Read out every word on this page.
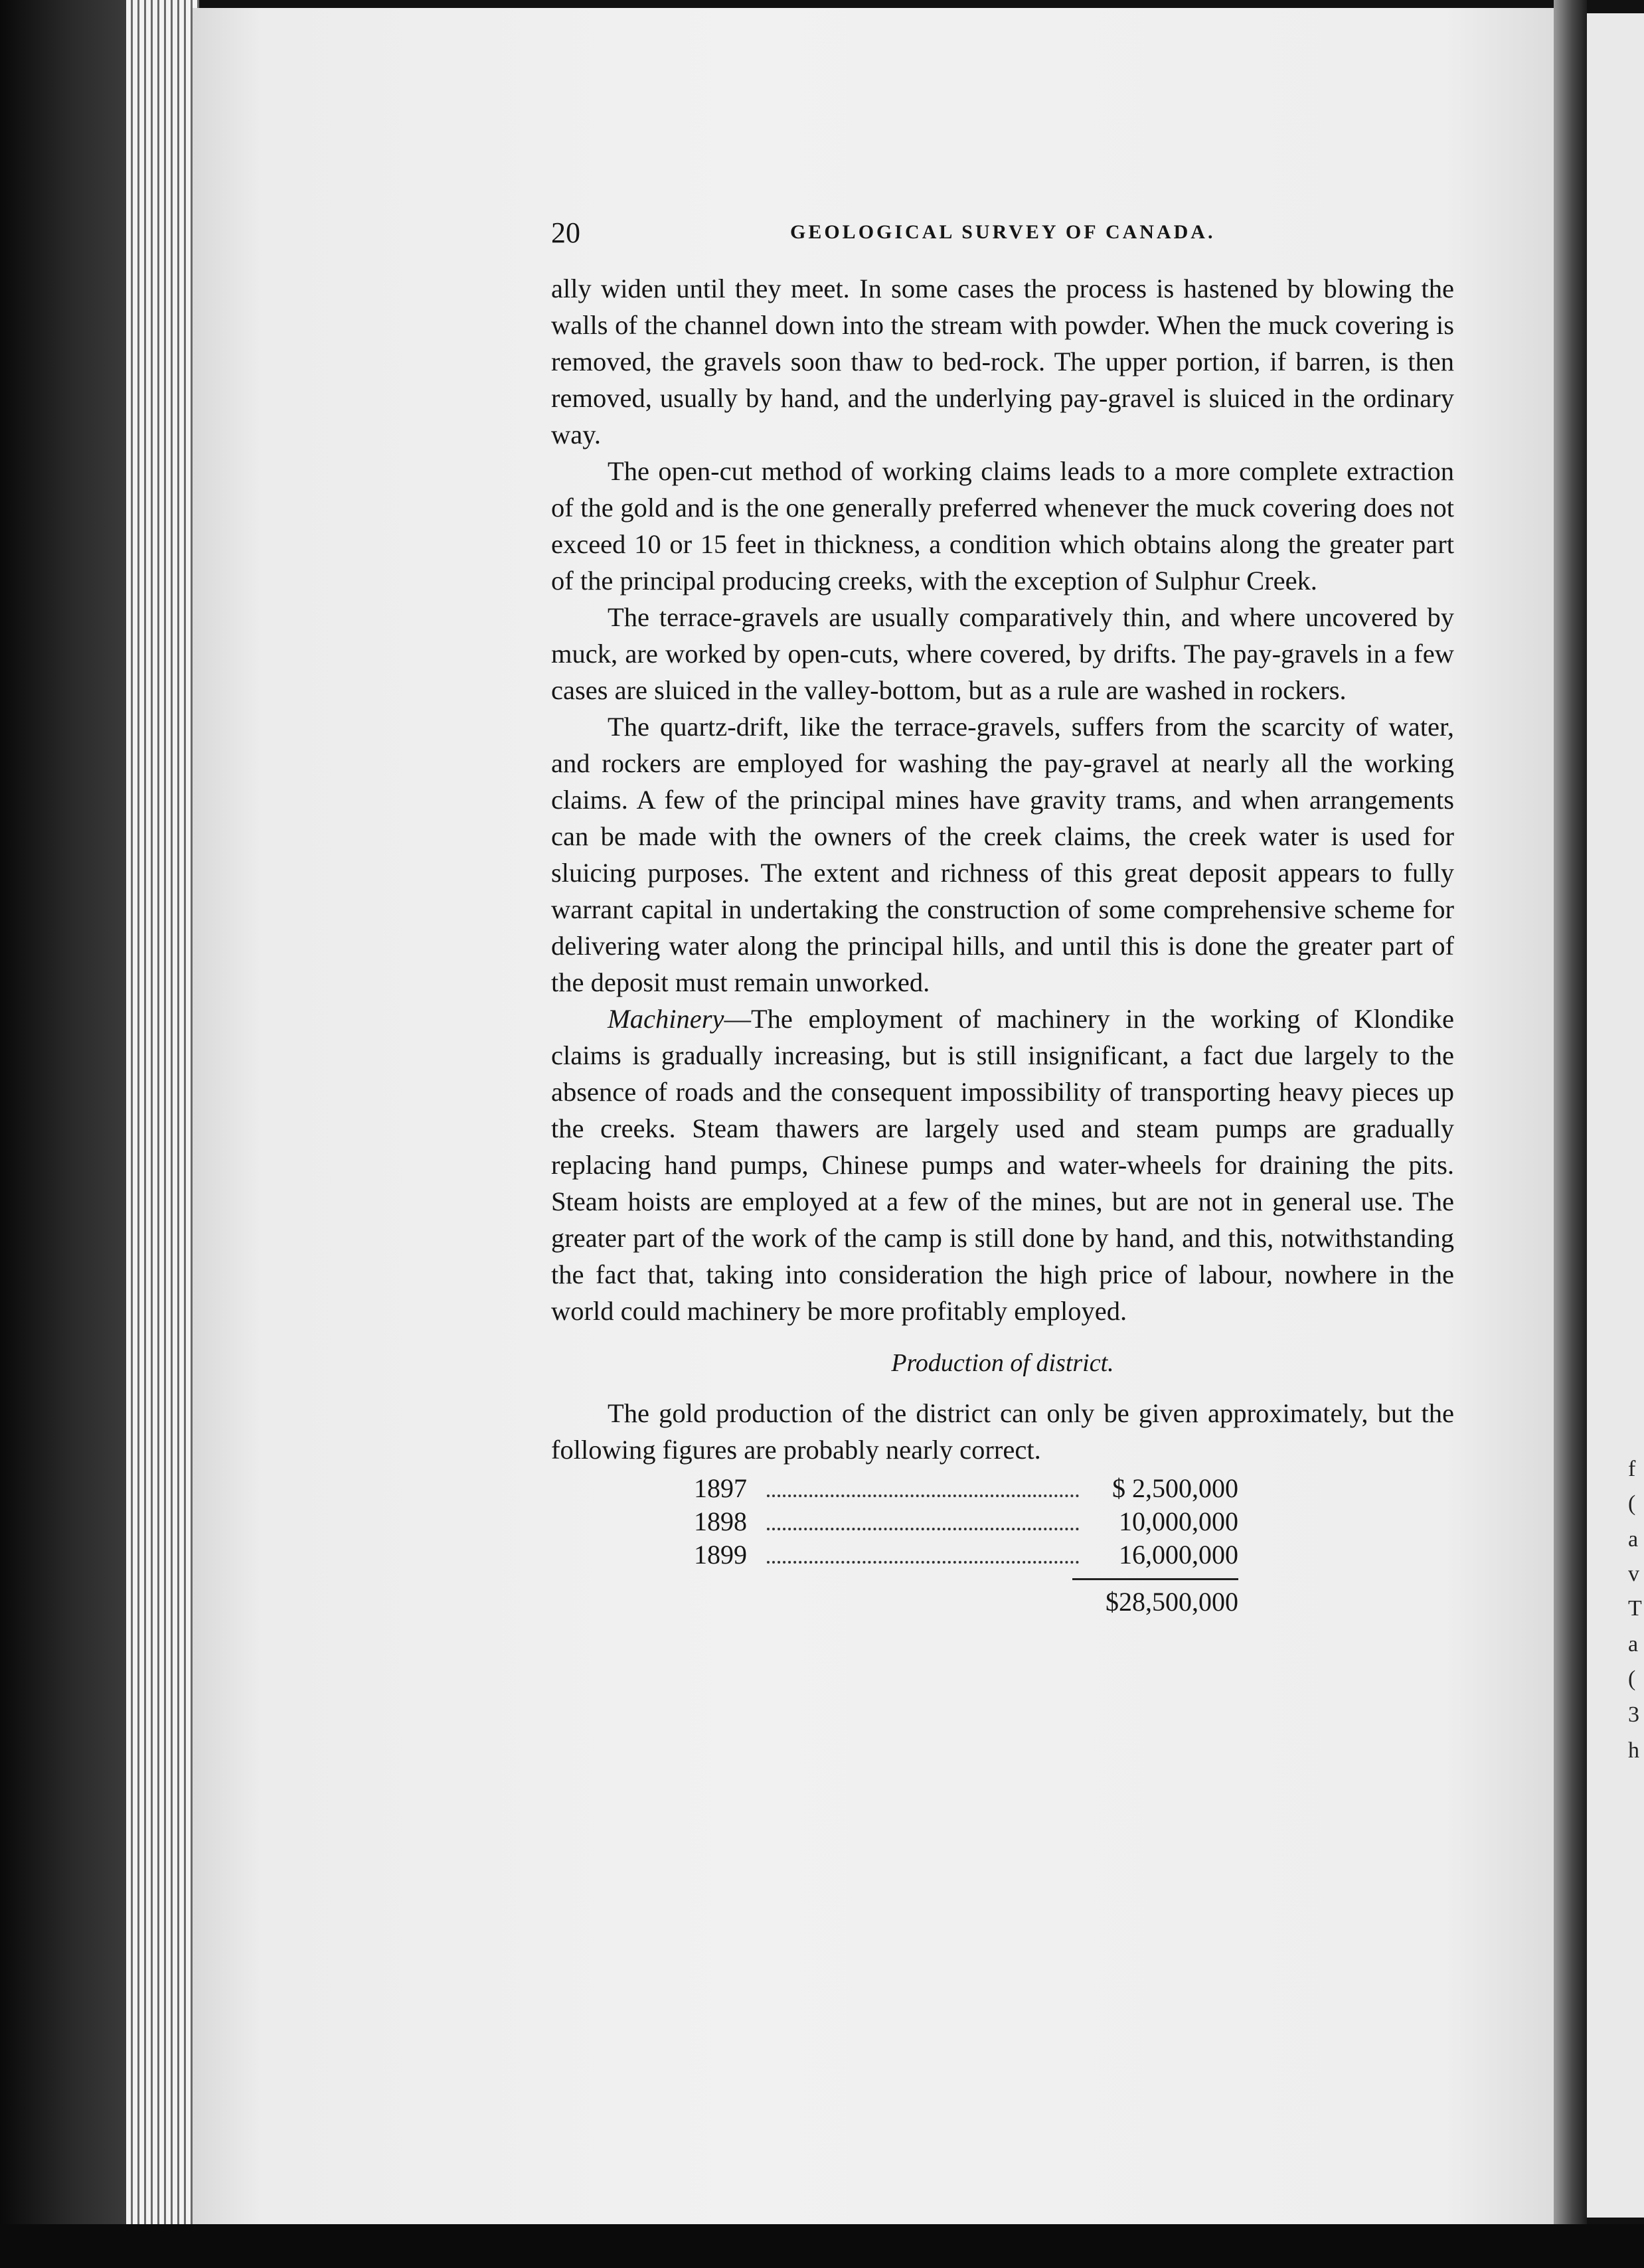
f
(
a
v
T
a
(
3
h
20	GEOLOGICAL SURVEY OF CANADA.

ally widen until they meet. In some cases the process is hastened by blowing the walls of the channel down into the stream with powder. When the muck covering is removed, the gravels soon thaw to bed-rock. The upper portion, if barren, is then removed, usually by hand, and the underlying pay-gravel is sluiced in the ordinary way.

The open-cut method of working claims leads to a more complete extraction of the gold and is the one generally preferred whenever the muck covering does not exceed 10 or 15 feet in thickness, a condition which obtains along the greater part of the principal producing creeks, with the exception of Sulphur Creek.

The terrace-gravels are usually comparatively thin, and where uncovered by muck, are worked by open-cuts, where covered, by drifts. The pay-gravels in a few cases are sluiced in the valley-bottom, but as a rule are washed in rockers.

The quartz-drift, like the terrace-gravels, suffers from the scarcity of water, and rockers are employed for washing the pay-gravel at nearly all the working claims. A few of the principal mines have gravity trams, and when arrangements can be made with the owners of the creek claims, the creek water is used for sluicing purposes. The extent and richness of this great deposit appears to fully warrant capital in undertaking the construction of some comprehensive scheme for delivering water along the principal hills, and until this is done the greater part of the deposit must remain unworked.

Machinery—The employment of machinery in the working of Klondike claims is gradually increasing, but is still insignificant, a fact due largely to the absence of roads and the consequent impossibility of transporting heavy pieces up the creeks. Steam thawers are largely used and steam pumps are gradually replacing hand pumps, Chinese pumps and water-wheels for draining the pits. Steam hoists are employed at a few of the mines, but are not in general use. The greater part of the work of the camp is still done by hand, and this, notwithstanding the fact that, taking into consideration the high price of labour, nowhere in the world could machinery be more profitably employed.

Production of district.

The gold production of the district can only be given approximately, but the following figures are probably nearly correct.

1897	$ 2,500,000
1898	10,000,000
1899	16,000,000
$28,500,000
